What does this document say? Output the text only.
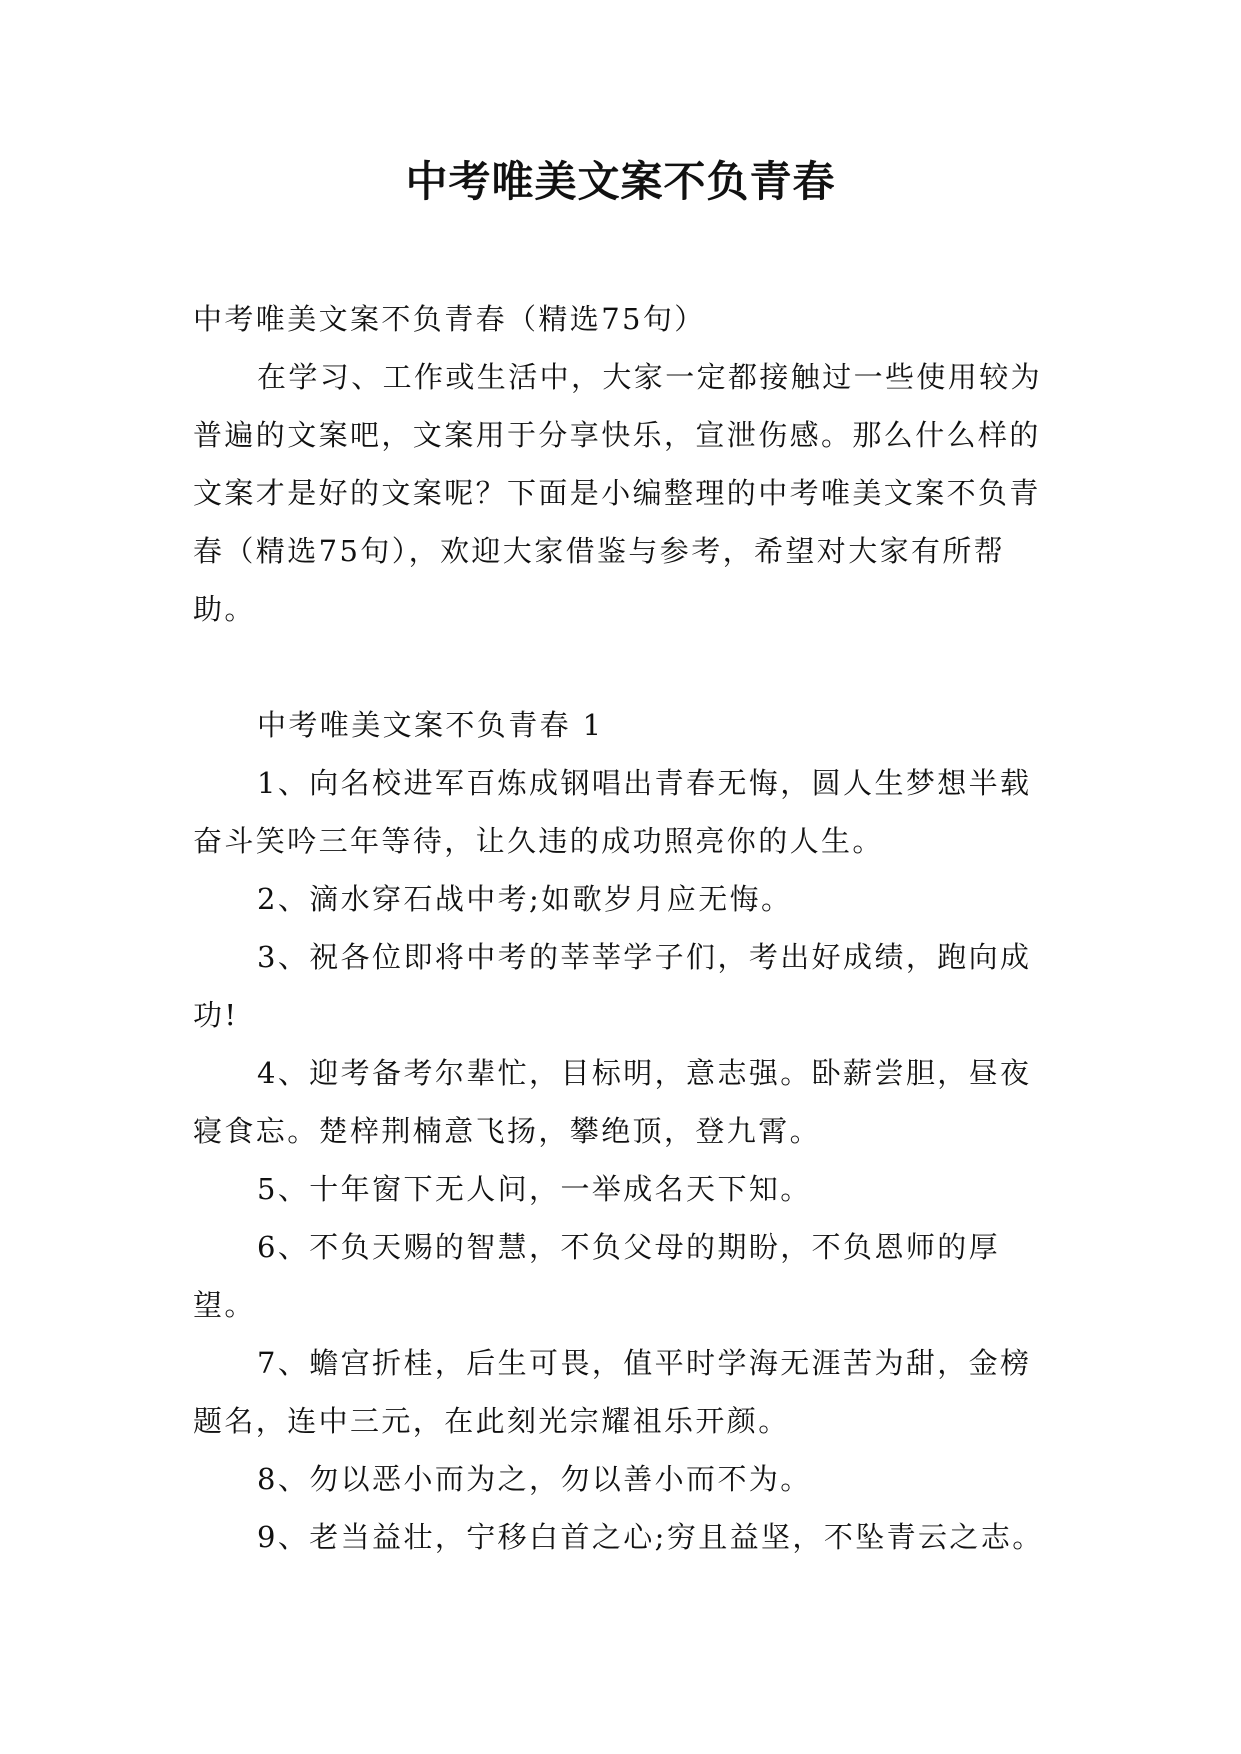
中考唯美文案不负青春

中考唯美文案不负青春（精选75句）

在学习、工作或生活中，大家一定都接触过一些使用较为普遍的文案吧，文案用于分享快乐，宣泄伤感。那么什么样的文案才是好的文案呢？下面是小编整理的中考唯美文案不负青春（精选75句），欢迎大家借鉴与参考，希望对大家有所帮助。

中考唯美文案不负青春 1

1、向名校进军百炼成钢唱出青春无悔，圆人生梦想半载奋斗笑吟三年等待，让久违的成功照亮你的人生。

2、滴水穿石战中考;如歌岁月应无悔。

3、祝各位即将中考的莘莘学子们，考出好成绩，跑向成功!

4、迎考备考尔辈忙，目标明，意志强。卧薪尝胆，昼夜寝食忘。楚梓荆楠意飞扬，攀绝顶，登九霄。

5、十年窗下无人问，一举成名天下知。

6、不负天赐的智慧，不负父母的期盼，不负恩师的厚望。

7、蟾宫折桂，后生可畏，值平时学海无涯苦为甜，金榜题名，连中三元，在此刻光宗耀祖乐开颜。

8、勿以恶小而为之，勿以善小而不为。

9、老当益壮，宁移白首之心;穷且益坚，不坠青云之志。
